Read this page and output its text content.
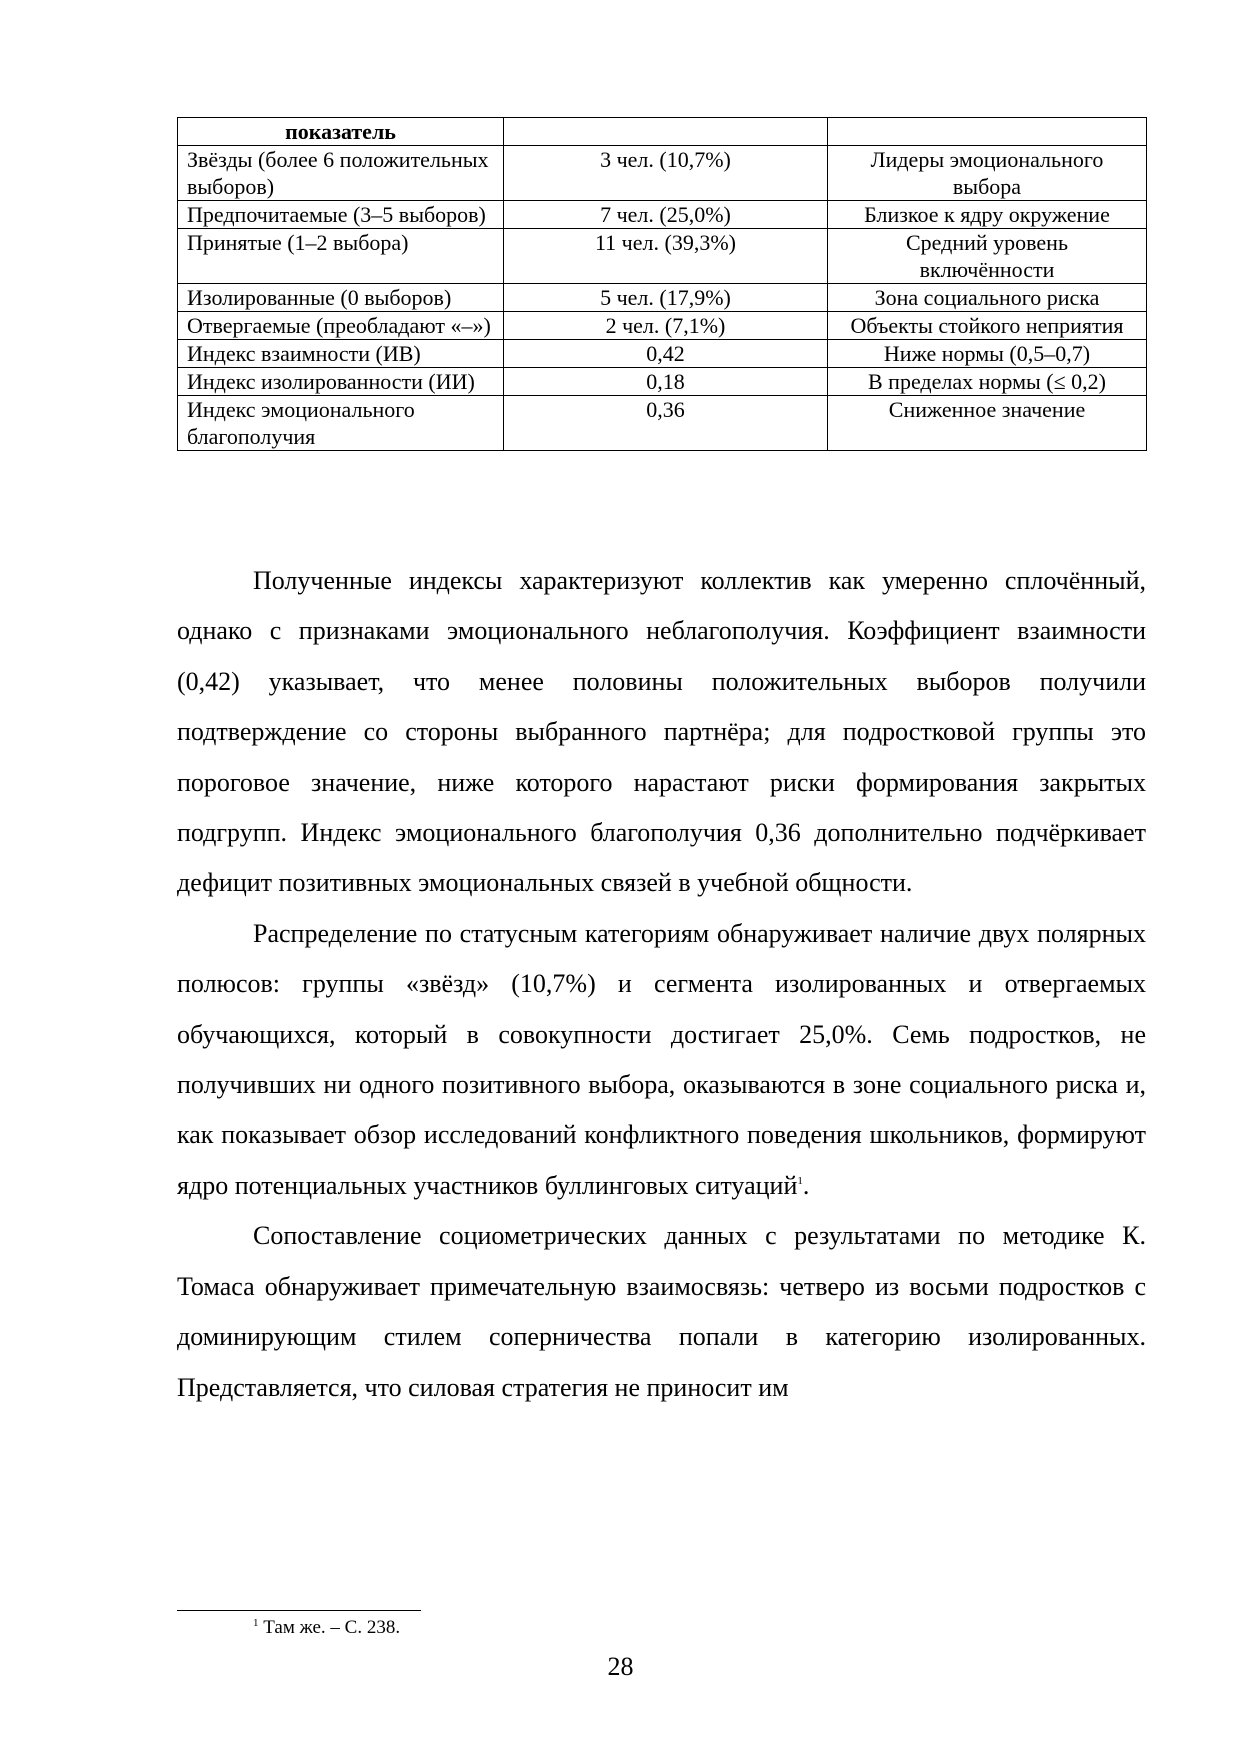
показатель		
Звёзды (более 6 положительных выборов)	3 чел. (10,7%)	Лидеры эмоционального выбора
Предпочитаемые (3–5 выборов)	7 чел. (25,0%)	Близкое к ядру окружение
Принятые (1–2 выбора)	11 чел. (39,3%)	Средний уровень включённости
Изолированные (0 выборов)	5 чел. (17,9%)	Зона социального риска
Отвергаемые (преобладают «–»)	2 чел. (7,1%)	Объекты стойкого неприятия
Индекс взаимности (ИВ)	0,42	Ниже нормы (0,5–0,7)
Индекс изолированности (ИИ)	0,18	В пределах нормы (≤ 0,2)
Индекс эмоционального благополучия	0,36	Сниженное значение

Полученные индексы характеризуют коллектив как умеренно сплочённый, однако с признаками эмоционального неблагополучия. Коэффициент взаимности (0,42) указывает, что менее половины положительных выборов получили подтверждение со стороны выбранного партнёра; для подростковой группы это пороговое значение, ниже которого нарастают риски формирования закрытых подгрупп. Индекс эмоционального благополучия 0,36 дополнительно подчёркивает дефицит позитивных эмоциональных связей в учебной общности.

Распределение по статусным категориям обнаруживает наличие двух полярных полюсов: группы «звёзд» (10,7%) и сегмента изолированных и отвергаемых обучающихся, который в совокупности достигает 25,0%. Семь подростков, не получивших ни одного позитивного выбора, оказываются в зоне социального риска и, как показывает обзор исследований конфликтного поведения школьников, формируют ядро потенциальных участников буллинговых ситуаций$^1$.

Сопоставление социометрических данных с результатами по методике К. Томаса обнаруживает примечательную взаимосвязь: четверо из восьми подростков с доминирующим стилем соперничества попали в категорию изолированных. Представляется, что силовая стратегия не приносит им

$^1$ Там же. – С. 238.
28
